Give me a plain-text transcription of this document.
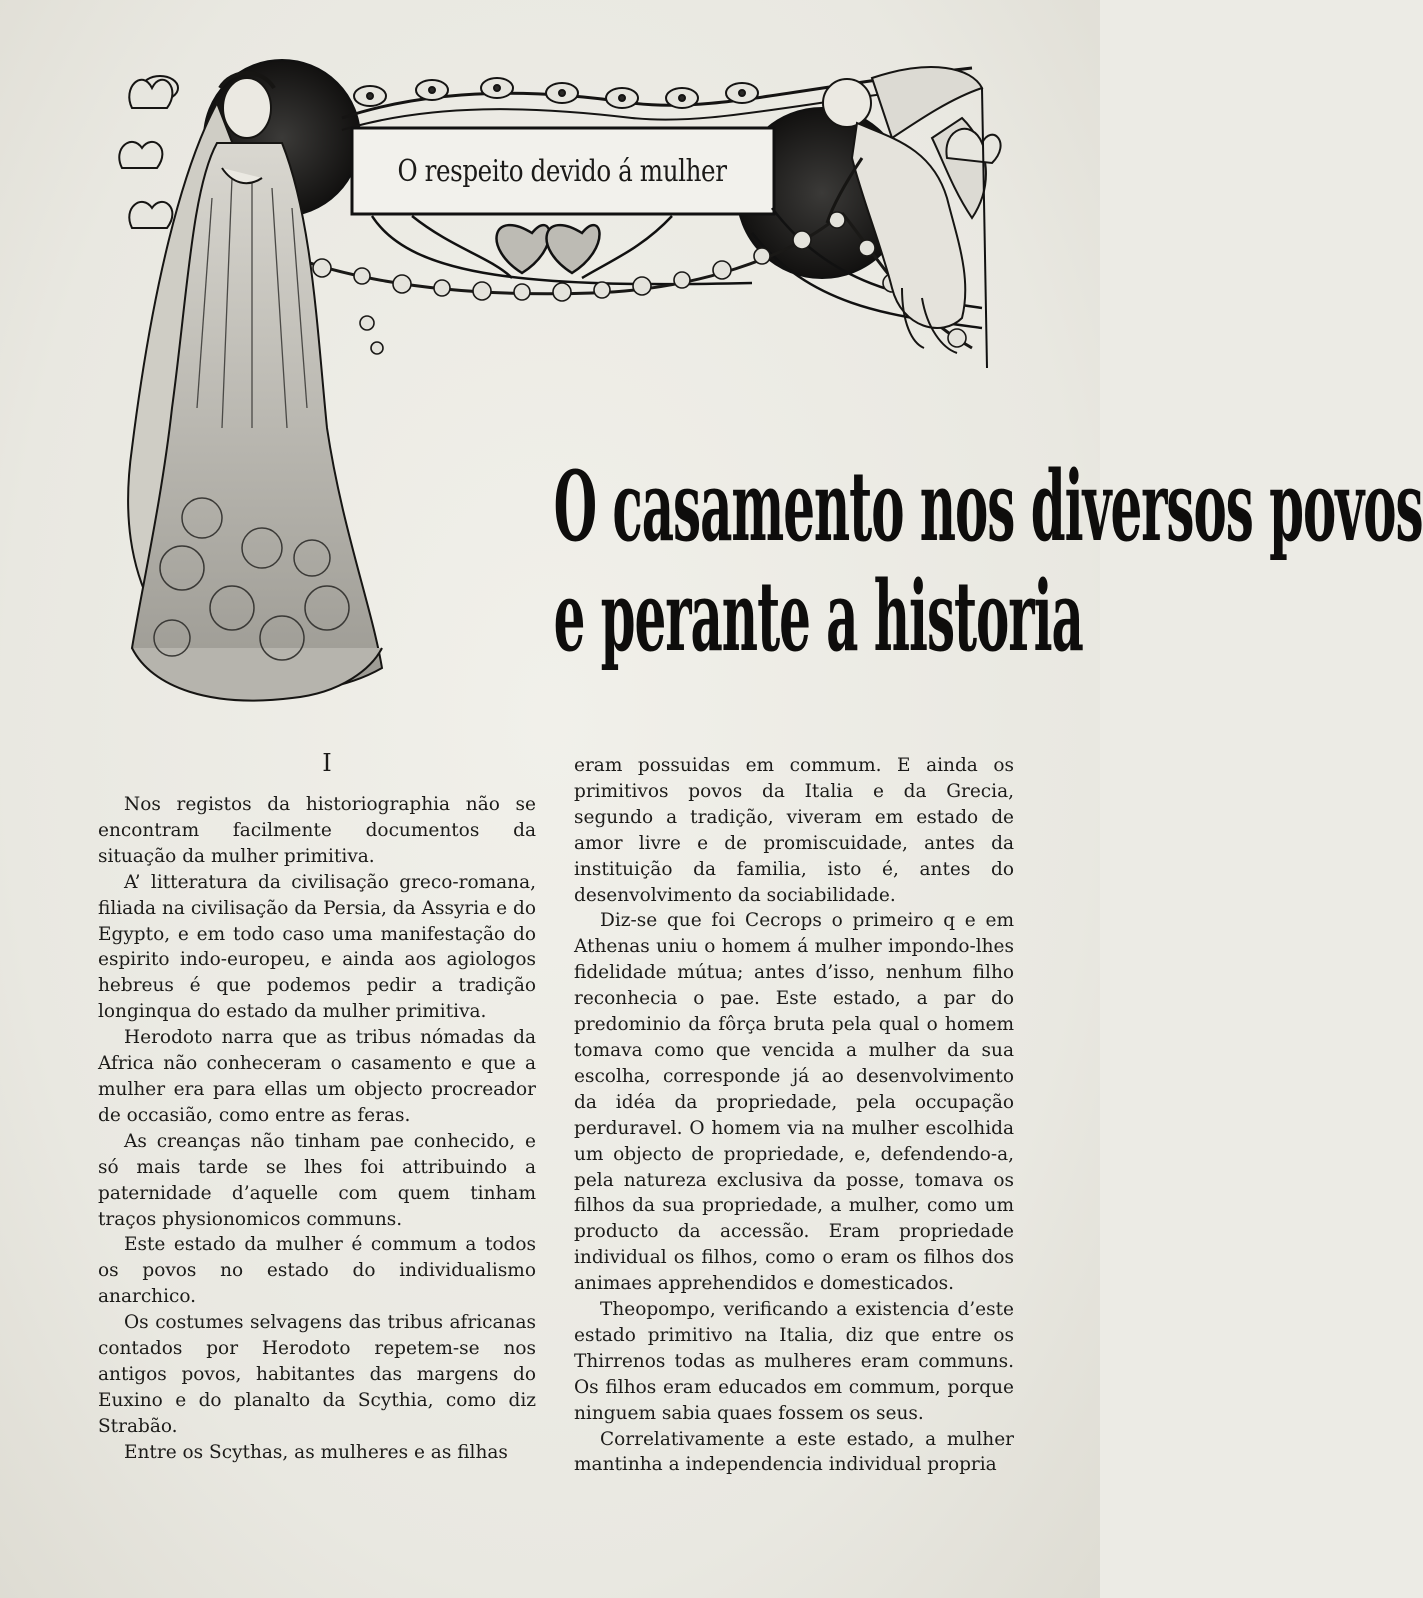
O respeito devido á mulher
O casamento nos diversos povos
e perante a historia
I

Nos registos da historiographia não se encontram facilmente documentos da situação da mulher primitiva.

A’ litteratura da civilisação greco-romana, filiada na civilisação da Persia, da Assyria e do Egypto, e em todo caso uma manifestação do espirito indo-europeu, e ainda aos agiologos hebreus é que podemos pedir a tradição longinqua do estado da mulher primitiva.

Herodoto narra que as tribus nómadas da Africa não conheceram o casamento e que a mulher era para ellas um objecto procreador de occasião, como entre as feras.

As creanças não tinham pae conhecido, e só mais tarde se lhes foi attribuindo a paternidade d’aquelle com quem tinham traços physionomicos communs.

Este estado da mulher é commum a todos os povos no estado do individualismo anarchico.

Os costumes selvagens das tribus africanas contados por Herodoto repetem-se nos antigos povos, habitantes das margens do Euxino e do planalto da Scythia, como diz Strabão.

Entre os Scythas, as mulheres e as filhas

eram possuidas em commum. E ainda os primitivos povos da Italia e da Grecia, segundo a tradição, viveram em estado de amor livre e de promiscuidade, antes da instituição da familia, isto é, antes do desenvolvimento da sociabilidade.

Diz-se que foi Cecrops o primeiro q e em Athenas uniu o homem á mulher impondo-lhes fidelidade mútua; antes d’isso, nenhum filho reconhecia o pae. Este estado, a par do predominio da fôrça bruta pela qual o homem tomava como que vencida a mulher da sua escolha, corresponde já ao desenvolvimento da idéa da propriedade, pela occupação perduravel. O homem via na mulher escolhida um objecto de propriedade, e, defendendo-a, pela natureza exclusiva da posse, tomava os filhos da sua propriedade, a mulher, como um producto da accessão. Eram propriedade individual os filhos, como o eram os filhos dos animaes apprehendidos e domesticados.

Theopompo, verificando a existencia d’este estado primitivo na Italia, diz que entre os Thirrenos todas as mulheres eram communs. Os filhos eram educados em commum, porque ninguem sabia quaes fossem os seus.

Correlativamente a este estado, a mulher mantinha a independencia individual propria
